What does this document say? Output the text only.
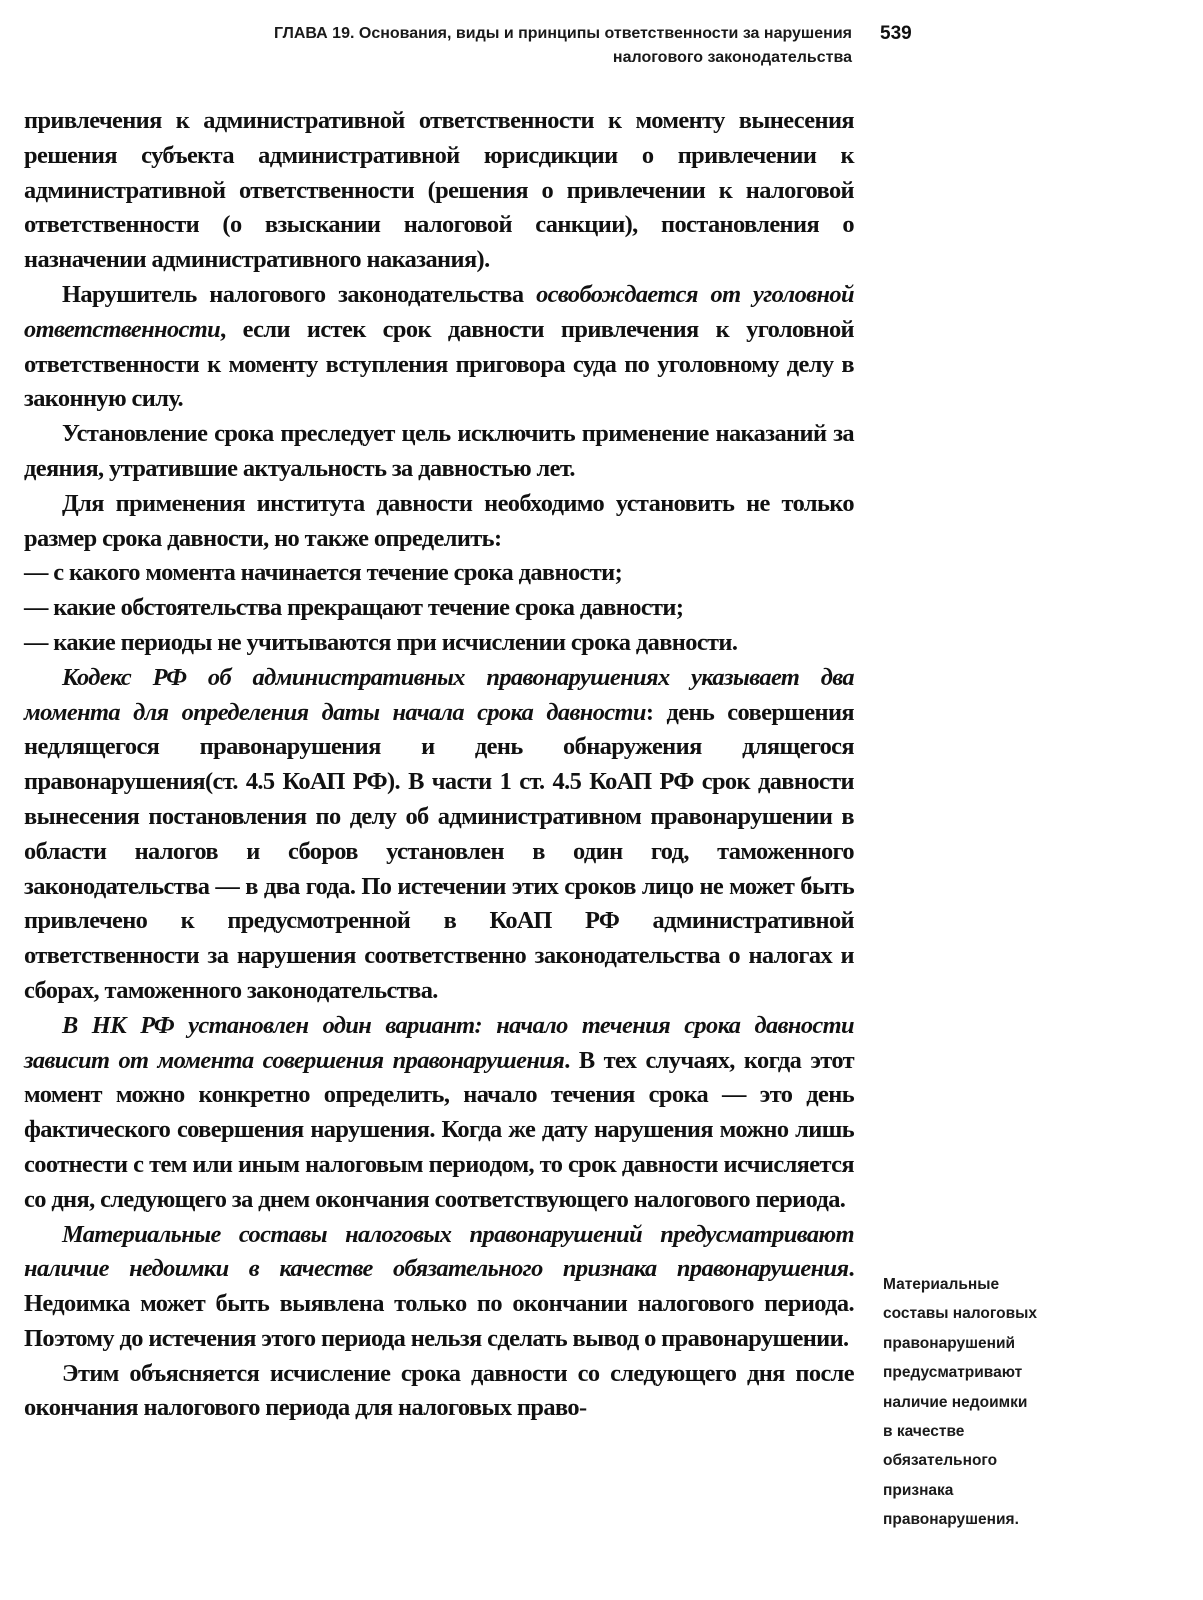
ГЛАВА 19. Основания, виды и принципы ответственности за нарушения
налогового законодательства
539

привлечения к административной ответственности к моменту вынесения решения субъекта административной юрисдикции о привлечении к административной ответственности (решения о привлечении к налоговой ответственности (о взыскании налоговой санкции), постановления о назначении административного наказания).

Нарушитель налогового законодательства освобождается от уголовной ответственности, если истек срок давности привлечения к уголовной ответственности к моменту вступления приговора суда по уголовному делу в законную силу.

Установление срока преследует цель исключить применение наказаний за деяния, утратившие актуальность за давностью лет.

Для применения института давности необходимо установить не только размер срока давности, но также определить:

— с какого момента начинается течение срока давности;

— какие обстоятельства прекращают течение срока давности;

— какие периоды не учитываются при исчислении срока давности.

Кодекс РФ об административных правонарушениях указывает два момента для определения даты начала срока давности: день совершения недлящегося правонарушения и день обнаружения длящегося правонарушения(ст. 4.5 КоАП РФ). В части 1 ст. 4.5 КоАП РФ срок давности вынесения постановления по делу об административном правонарушении в области налогов и сборов установлен в один год, таможенного законодательства — в два года. По истечении этих сроков лицо не может быть привлечено к предусмотренной в КоАП РФ административной ответственности за нарушения соответственно законодательства о налогах и сборах, таможенного законодательства.

В НК РФ установлен один вариант: начало течения срока давности зависит от момента совершения правонарушения. В тех случаях, когда этот момент можно конкретно определить, начало течения срока — это день фактического совершения нарушения. Когда же дату нарушения можно лишь соотнести с тем или иным налоговым периодом, то срок давности исчисляется со дня, следующего за днем окончания соответствующего налогового периода.

Материальные составы налоговых правонарушений предусматривают наличие недоимки в качестве обязательного признака правонарушения. Недоимка может быть выявлена только по окончании налогового периода. Поэтому до истечения этого периода нельзя сделать вывод о правонарушении.

Этим объясняется исчисление срока давности со следующего дня после окончания налогового периода для налоговых право-

Материальные
составы налоговых
правонарушений
предусматривают
наличие недоимки
в качестве
обязательного
признака
правонарушения.
